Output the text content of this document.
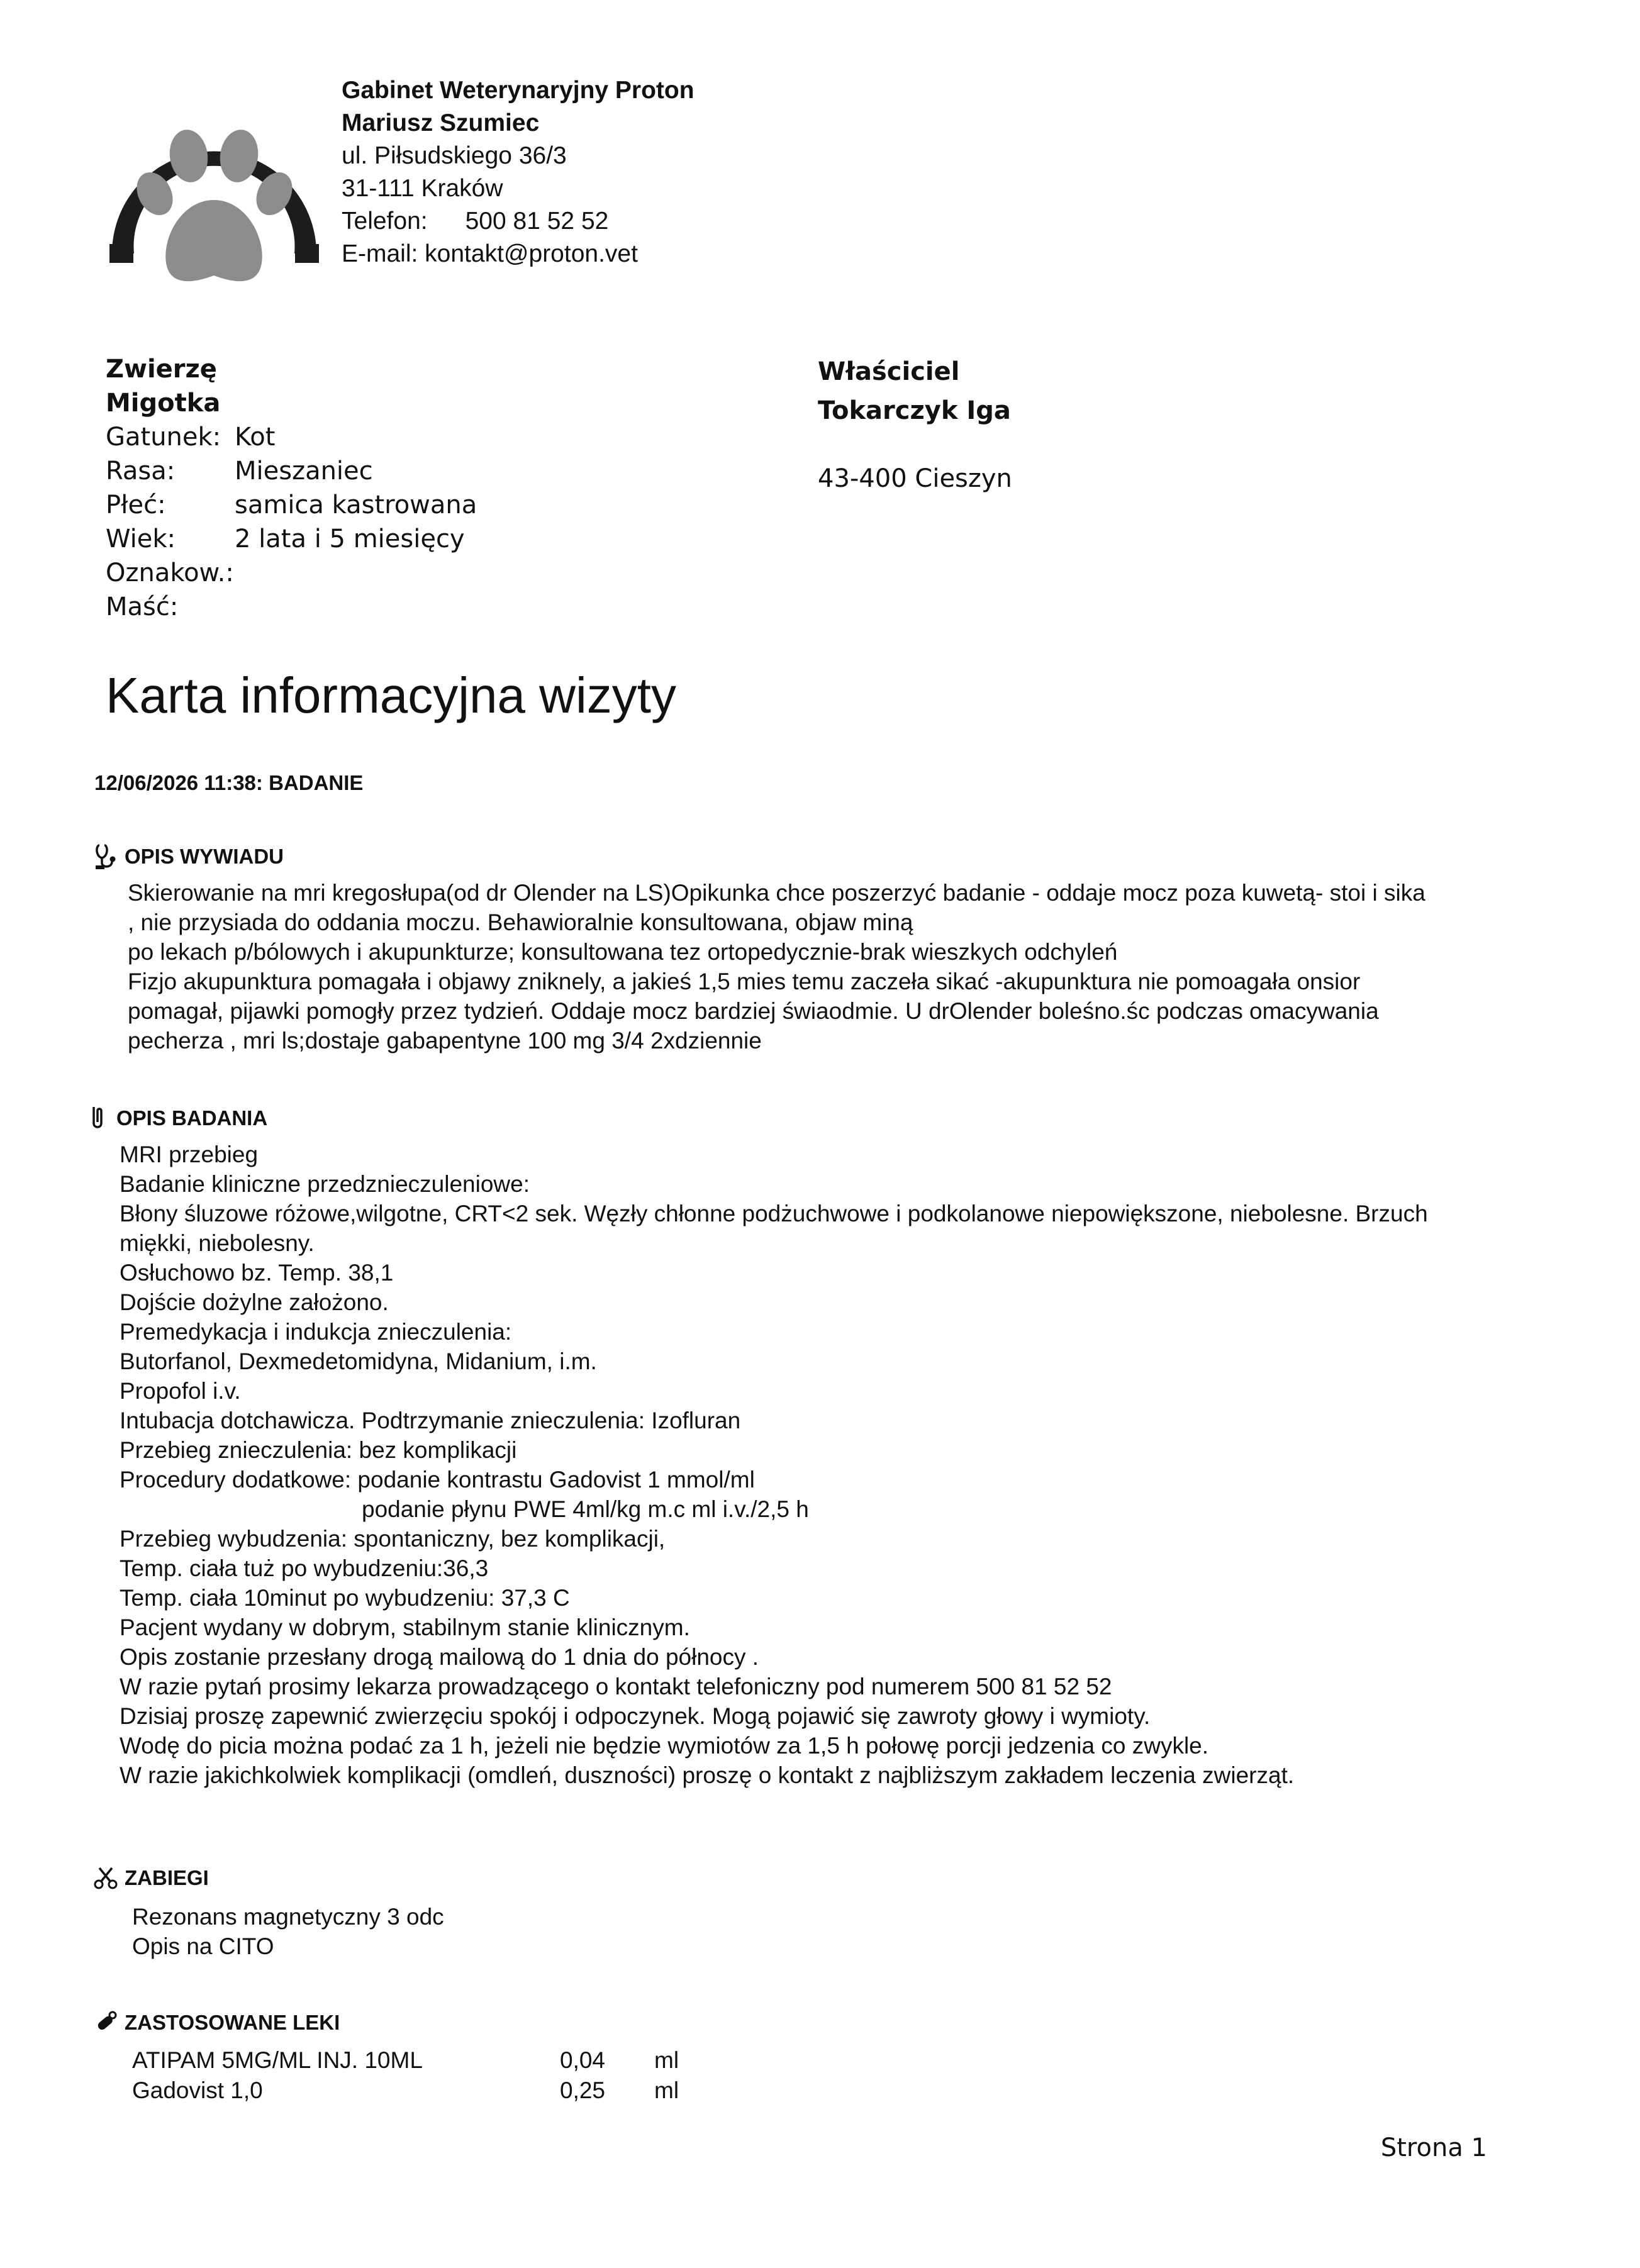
Gabinet Weterynaryjny Proton
Mariusz Szumiec
ul. Piłsudskiego 36/3
31-111 Kraków
Telefon: 500 81 52 52
E-mail: kontakt@proton.vet
Zwierzę
Migotka
Gatunek: Kot
Rasa:	Mieszaniec
Płeć:	samica kastrowana
Wiek:	2 lata i 5 miesięcy
Oznakow.:
Maść:
Właściciel
Tokarczyk Iga
43-400 Cieszyn
Karta informacyjna wizyty
12/06/2026 11:38: BADANIE
OPIS WYWIADU
Skierowanie na mri kregosłupa(od dr Olender na LS)Opikunka chce poszerzyć badanie - oddaje mocz poza kuwetą- stoi i sika
, nie przysiada do oddania moczu. Behawioralnie konsultowana, objaw miną
po lekach p/bólowych i akupunkturze; konsultowana tez ortopedycznie-brak wieszkych odchyleń
Fizjo akupunktura pomagała i objawy zniknely, a jakieś 1,5 mies temu zaczeła sikać -akupunktura nie pomoagała onsior
pomagał, pijawki pomogły przez tydzień. Oddaje mocz bardziej świaodmie. U drOlender boleśno.śc podczas omacywania
pecherza , mri ls;dostaje gabapentyne 100 mg 3/4 2xdziennie
OPIS BADANIA
MRI przebieg
Badanie kliniczne przedznieczuleniowe:
Błony śluzowe różowe,wilgotne, CRT<2 sek. Węzły chłonne podżuchwowe i podkolanowe niepowiększone, niebolesne. Brzuch
miękki, niebolesny.
Osłuchowo bz. Temp. 38,1
Dojście dożylne założono.
Premedykacja i indukcja znieczulenia:
Butorfanol, Dexmedetomidyna, Midanium, i.m.
Propofol i.v.
Intubacja dotchawicza. Podtrzymanie znieczulenia: Izofluran
Przebieg znieczulenia: bez komplikacji
Procedury dodatkowe: podanie kontrastu Gadovist 1 mmol/ml
podanie płynu PWE 4ml/kg m.c ml i.v./2,5 h
Przebieg wybudzenia: spontaniczny, bez komplikacji,
Temp. ciała tuż po wybudzeniu:36,3
Temp. ciała 10minut po wybudzeniu: 37,3 C
Pacjent wydany w dobrym, stabilnym stanie klinicznym.
Opis zostanie przesłany drogą mailową do 1 dnia do północy .
W razie pytań prosimy lekarza prowadzącego o kontakt telefoniczny pod numerem 500 81 52 52
Dzisiaj proszę zapewnić zwierzęciu spokój i odpoczynek. Mogą pojawić się zawroty głowy i wymioty.
Wodę do picia można podać za 1 h, jeżeli nie będzie wymiotów za 1,5 h połowę porcji jedzenia co zwykle.
W razie jakichkolwiek komplikacji (omdleń, duszności) proszę o kontakt z najbliższym zakładem leczenia zwierząt.
ZABIEGI
Rezonans magnetyczny 3 odc
Opis na CITO
ZASTOSOWANE LEKI
ATIPAM 5MG/ML INJ. 10ML	0,04	ml
Gadovist 1,0	0,25	ml
Strona 1
